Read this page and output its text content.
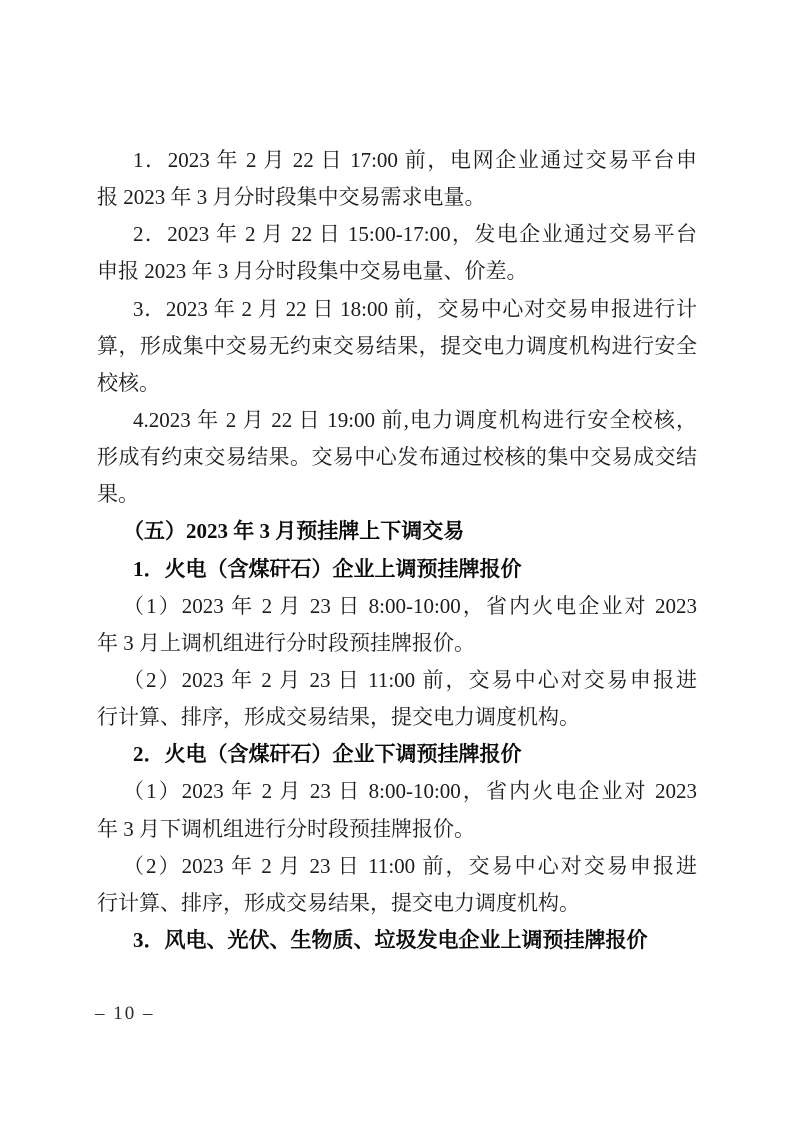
1．2023 年 2 月 22 日 17:00 前，电网企业通过交易平台申
报 2023 年 3 月分时段集中交易需求电量。
2．2023 年 2 月 22 日 15:00-17:00，发电企业通过交易平台
申报 2023 年 3 月分时段集中交易电量、价差。
3．2023 年 2 月 22 日 18:00 前，交易中心对交易申报进行计
算，形成集中交易无约束交易结果，提交电力调度机构进行安全
校核。
4.2023 年 2 月 22 日 19:00 前,电力调度机构进行安全校核，
形成有约束交易结果。交易中心发布通过校核的集中交易成交结
果。
（五）2023 年 3 月预挂牌上下调交易
1．火电（含煤矸石）企业上调预挂牌报价
（1）2023 年 2 月 23 日 8:00-10:00，省内火电企业对 2023
年 3 月上调机组进行分时段预挂牌报价。
（2）2023 年 2 月 23 日 11:00 前，交易中心对交易申报进
行计算、排序，形成交易结果，提交电力调度机构。
2．火电（含煤矸石）企业下调预挂牌报价
（1）2023 年 2 月 23 日 8:00-10:00，省内火电企业对 2023
年 3 月下调机组进行分时段预挂牌报价。
（2）2023 年 2 月 23 日 11:00 前，交易中心对交易申报进
行计算、排序，形成交易结果，提交电力调度机构。
3．风电、光伏、生物质、垃圾发电企业上调预挂牌报价
– 10 –
